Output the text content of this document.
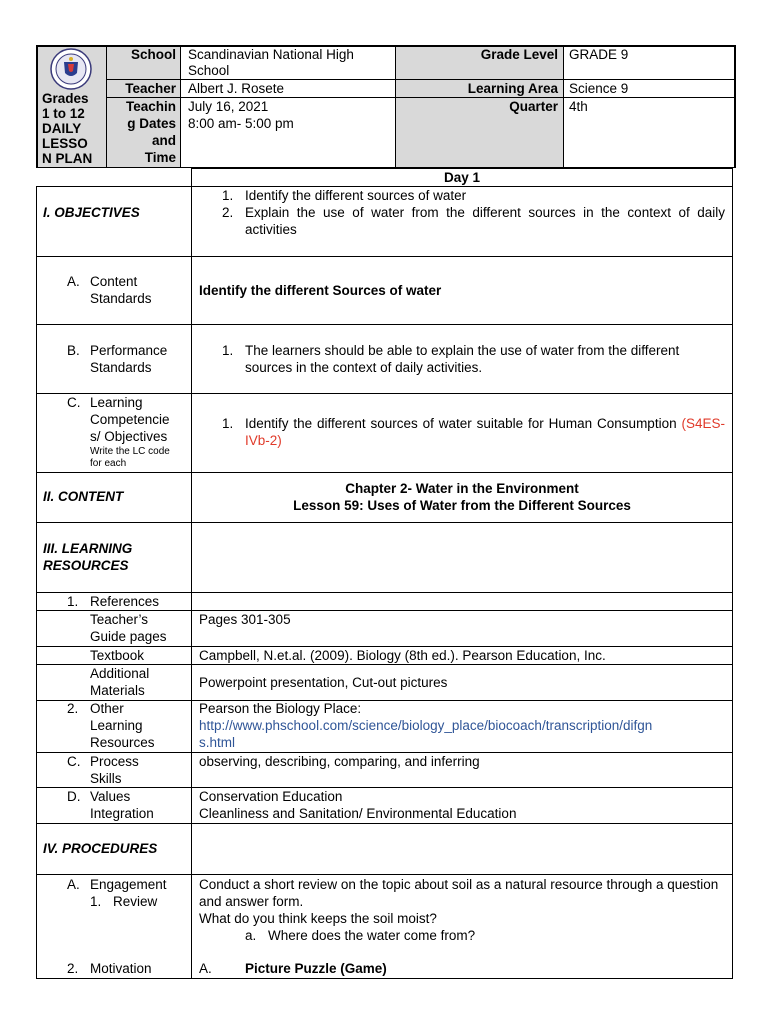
Grades
1 to 12
DAILY
LESSO
N PLAN
School
Teacher
Teachin
g Dates
and
Time
Scandinavian National High
School
Albert J. Rosete
July 16, 2021
8:00 am- 5:00 pm
Grade Level
Learning Area
Quarter
GRADE 9
Science 9
4th
Day 1
I. OBJECTIVES
1. Identify the different sources of water
2. Explain the use of water from the different sources in the context of daily activities
A. Content
Standards
Identify the different Sources of water
B. Performance
Standards
1. The learners should be able to explain the use of water from the different sources in the context of daily activities.
C. Learning
Competencie
s/ Objectives
Write the LC code
for each
1. Identify the different sources of water suitable for Human Consumption (S4ES-IVb-2)
II. CONTENT
Chapter 2- Water in the Environment
Lesson 59: Uses of Water from the Different Sources
III. LEARNING
RESOURCES
1. References
Teacher’s
Guide pages
Pages 301-305
Textbook	Campbell, N.et.al. (2009). Biology (8th ed.). Pearson Education, Inc.
Additional
Materials
Powerpoint presentation, Cut-out pictures
2. Other
Learning
Resources
Pearson the Biology Place:
http://www.phschool.com/science/biology_place/biocoach/transcription/difgn
s.html
C. Process
Skills
observing, describing, comparing, and inferring
D. Values
Integration
Conservation Education
Cleanliness and Sanitation/ Environmental Education
IV. PROCEDURES
A. Engagement
1. Review
Conduct a short review on the topic about soil as a natural resource through a question and answer form.
What do you think keeps the soil moist?
a. Where does the water come from?
2. Motivation	A. Picture Puzzle (Game)
